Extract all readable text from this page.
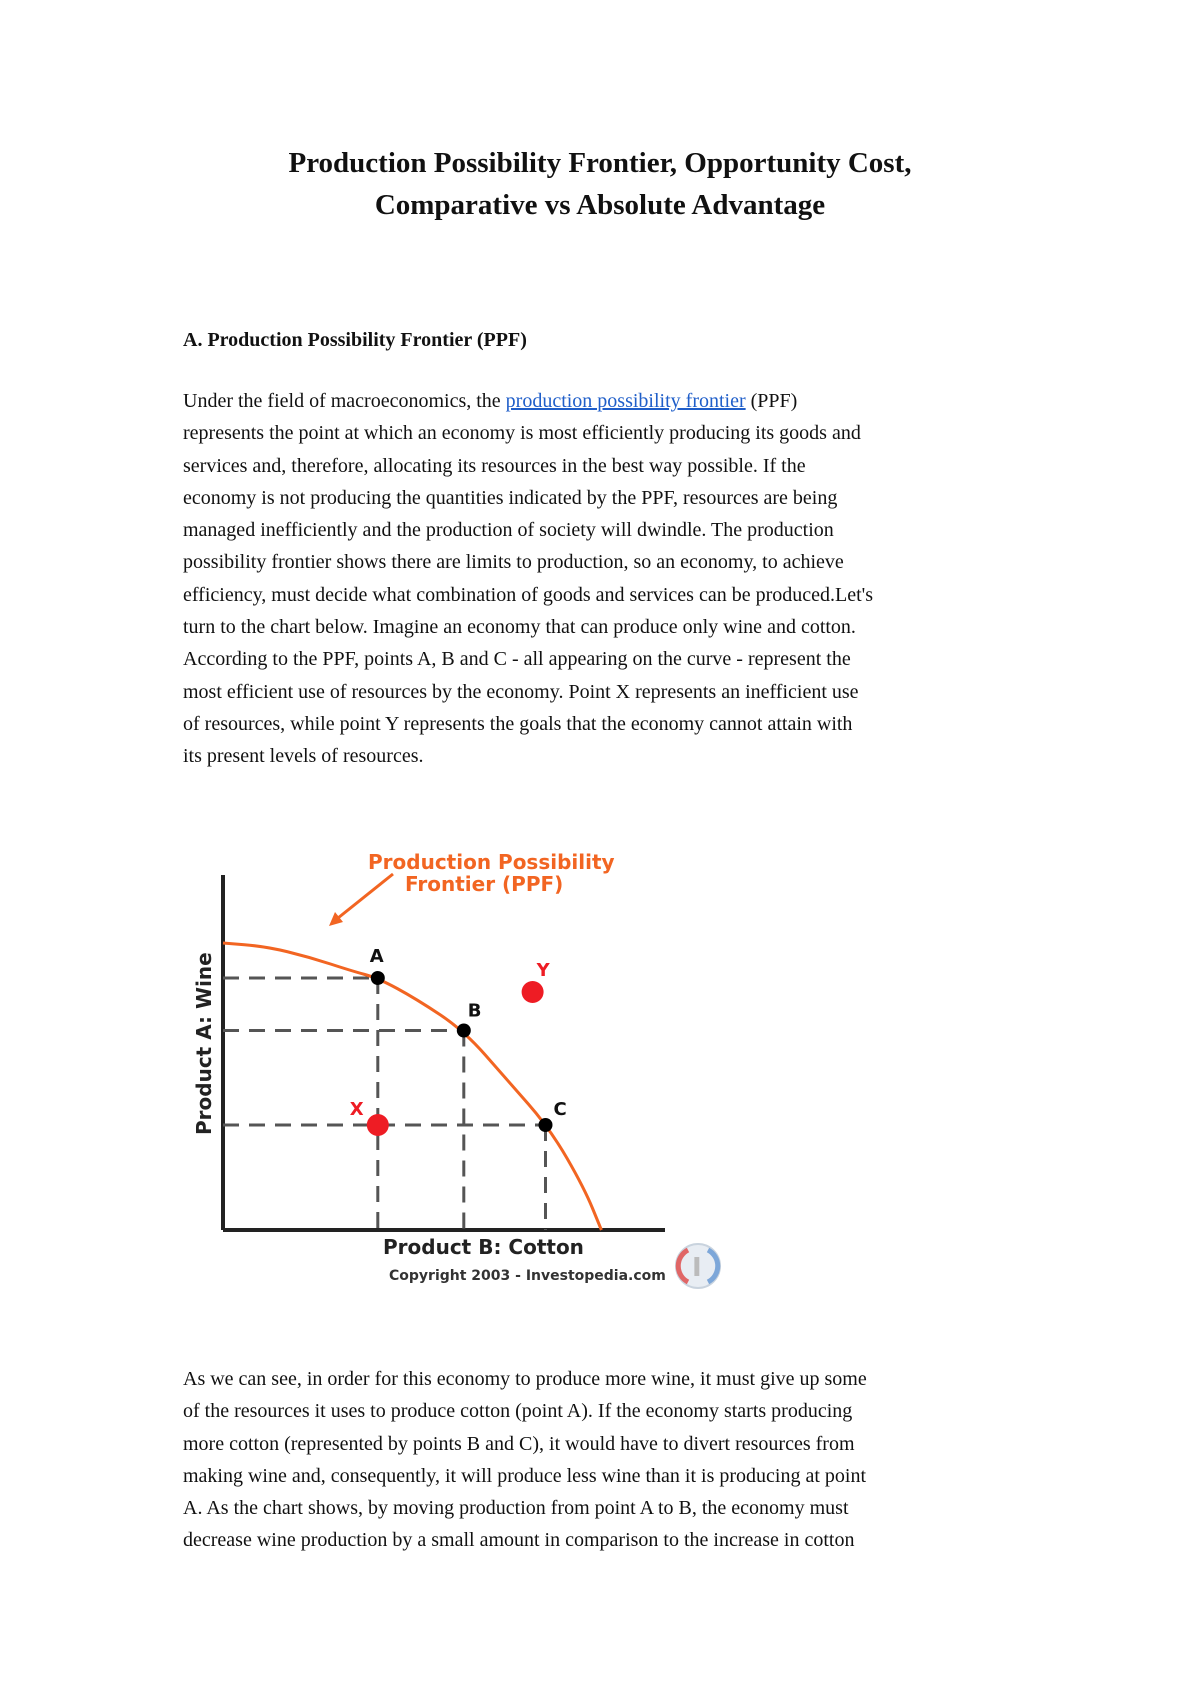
Production Possibility Frontier, Opportunity Cost,
Comparative vs Absolute Advantage
A. Production Possibility Frontier (PPF)

Under the field of macroeconomics, the production possibility frontier (PPF)
represents the point at which an economy is most efficiently producing its goods and
services and, therefore, allocating its resources in the best way possible. If the
economy is not producing the quantities indicated by the PPF, resources are being
managed inefficiently and the production of society will dwindle. The production
possibility frontier shows there are limits to production, so an economy, to achieve
efficiency, must decide what combination of goods and services can be produced.Let's
turn to the chart below. Imagine an economy that can produce only wine and cotton.
According to the PPF, points A, B and C - all appearing on the curve - represent the
most efficient use of resources by the economy. Point X represents an inefficient use
of resources, while point Y represents the goals that the economy cannot attain with
its present levels of resources.

A
B
C
X
Y
Production Possibility
Frontier (PPF)
Product B: Cotton
Product A: Wine
Copyright 2003 - Investopedia.com I

As we can see, in order for this economy to produce more wine, it must give up some
of the resources it uses to produce cotton (point A). If the economy starts producing
more cotton (represented by points B and C), it would have to divert resources from
making wine and, consequently, it will produce less wine than it is producing at point
A. As the chart shows, by moving production from point A to B, the economy must
decrease wine production by a small amount in comparison to the increase in cotton
